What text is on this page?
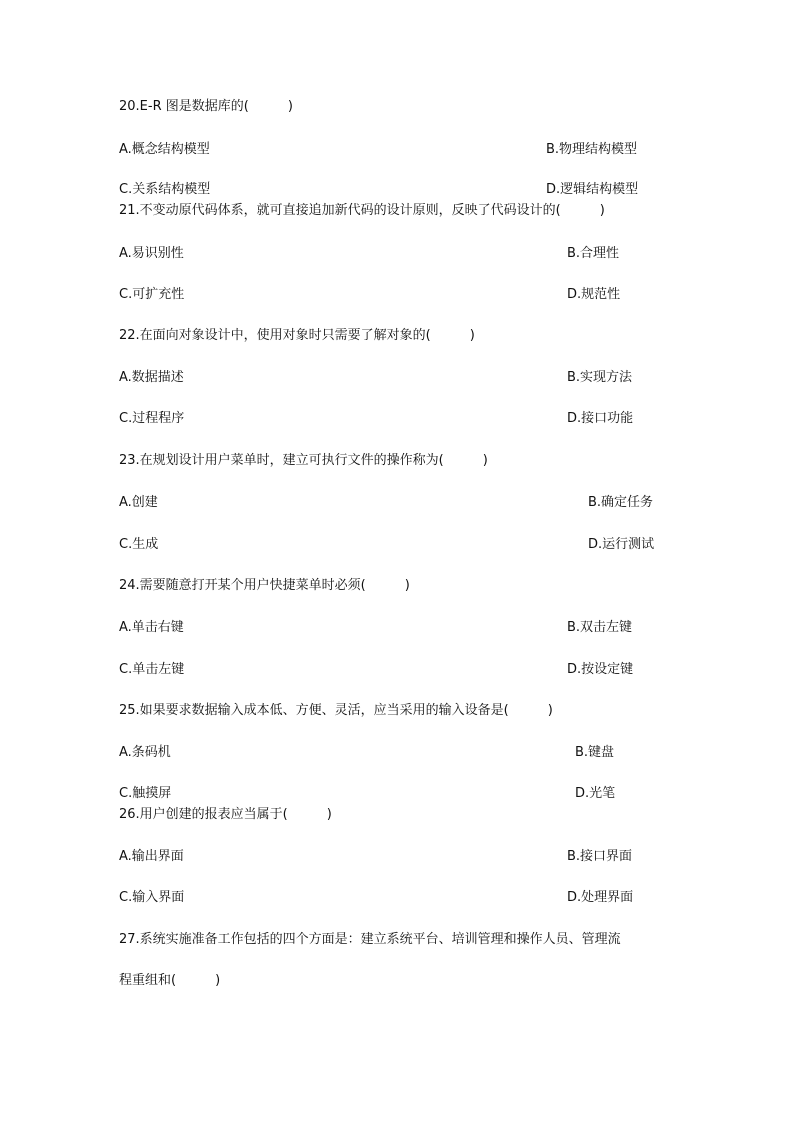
20.E-R 图是数据库的(　　　)
A.概念结构模型	B.物理结构模型
C.关系结构模型	D.逻辑结构模型
21.不变动原代码体系，就可直接追加新代码的设计原则，反映了代码设计的(　　　)
A.易识别性	B.合理性
C.可扩充性	D.规范性
22.在面向对象设计中，使用对象时只需要了解对象的(　　　)
A.数据描述	B.实现方法
C.过程程序	D.接口功能
23.在规划设计用户菜单时，建立可执行文件的操作称为(　　　)
A.创建	B.确定任务
C.生成	D.运行测试
24.需要随意打开某个用户快捷菜单时必须(　　　)
A.单击右键	B.双击左键
C.单击左键	D.按设定键
25.如果要求数据输入成本低、方便、灵活，应当采用的输入设备是(　　　)
A.条码机	B.键盘
C.触摸屏	D.光笔
26.用户创建的报表应当属于(　　　)
A.输出界面	B.接口界面
C.输入界面	D.处理界面
27.系统实施准备工作包括的四个方面是：建立系统平台、培训管理和操作人员、管理流
程重组和(　　　)
